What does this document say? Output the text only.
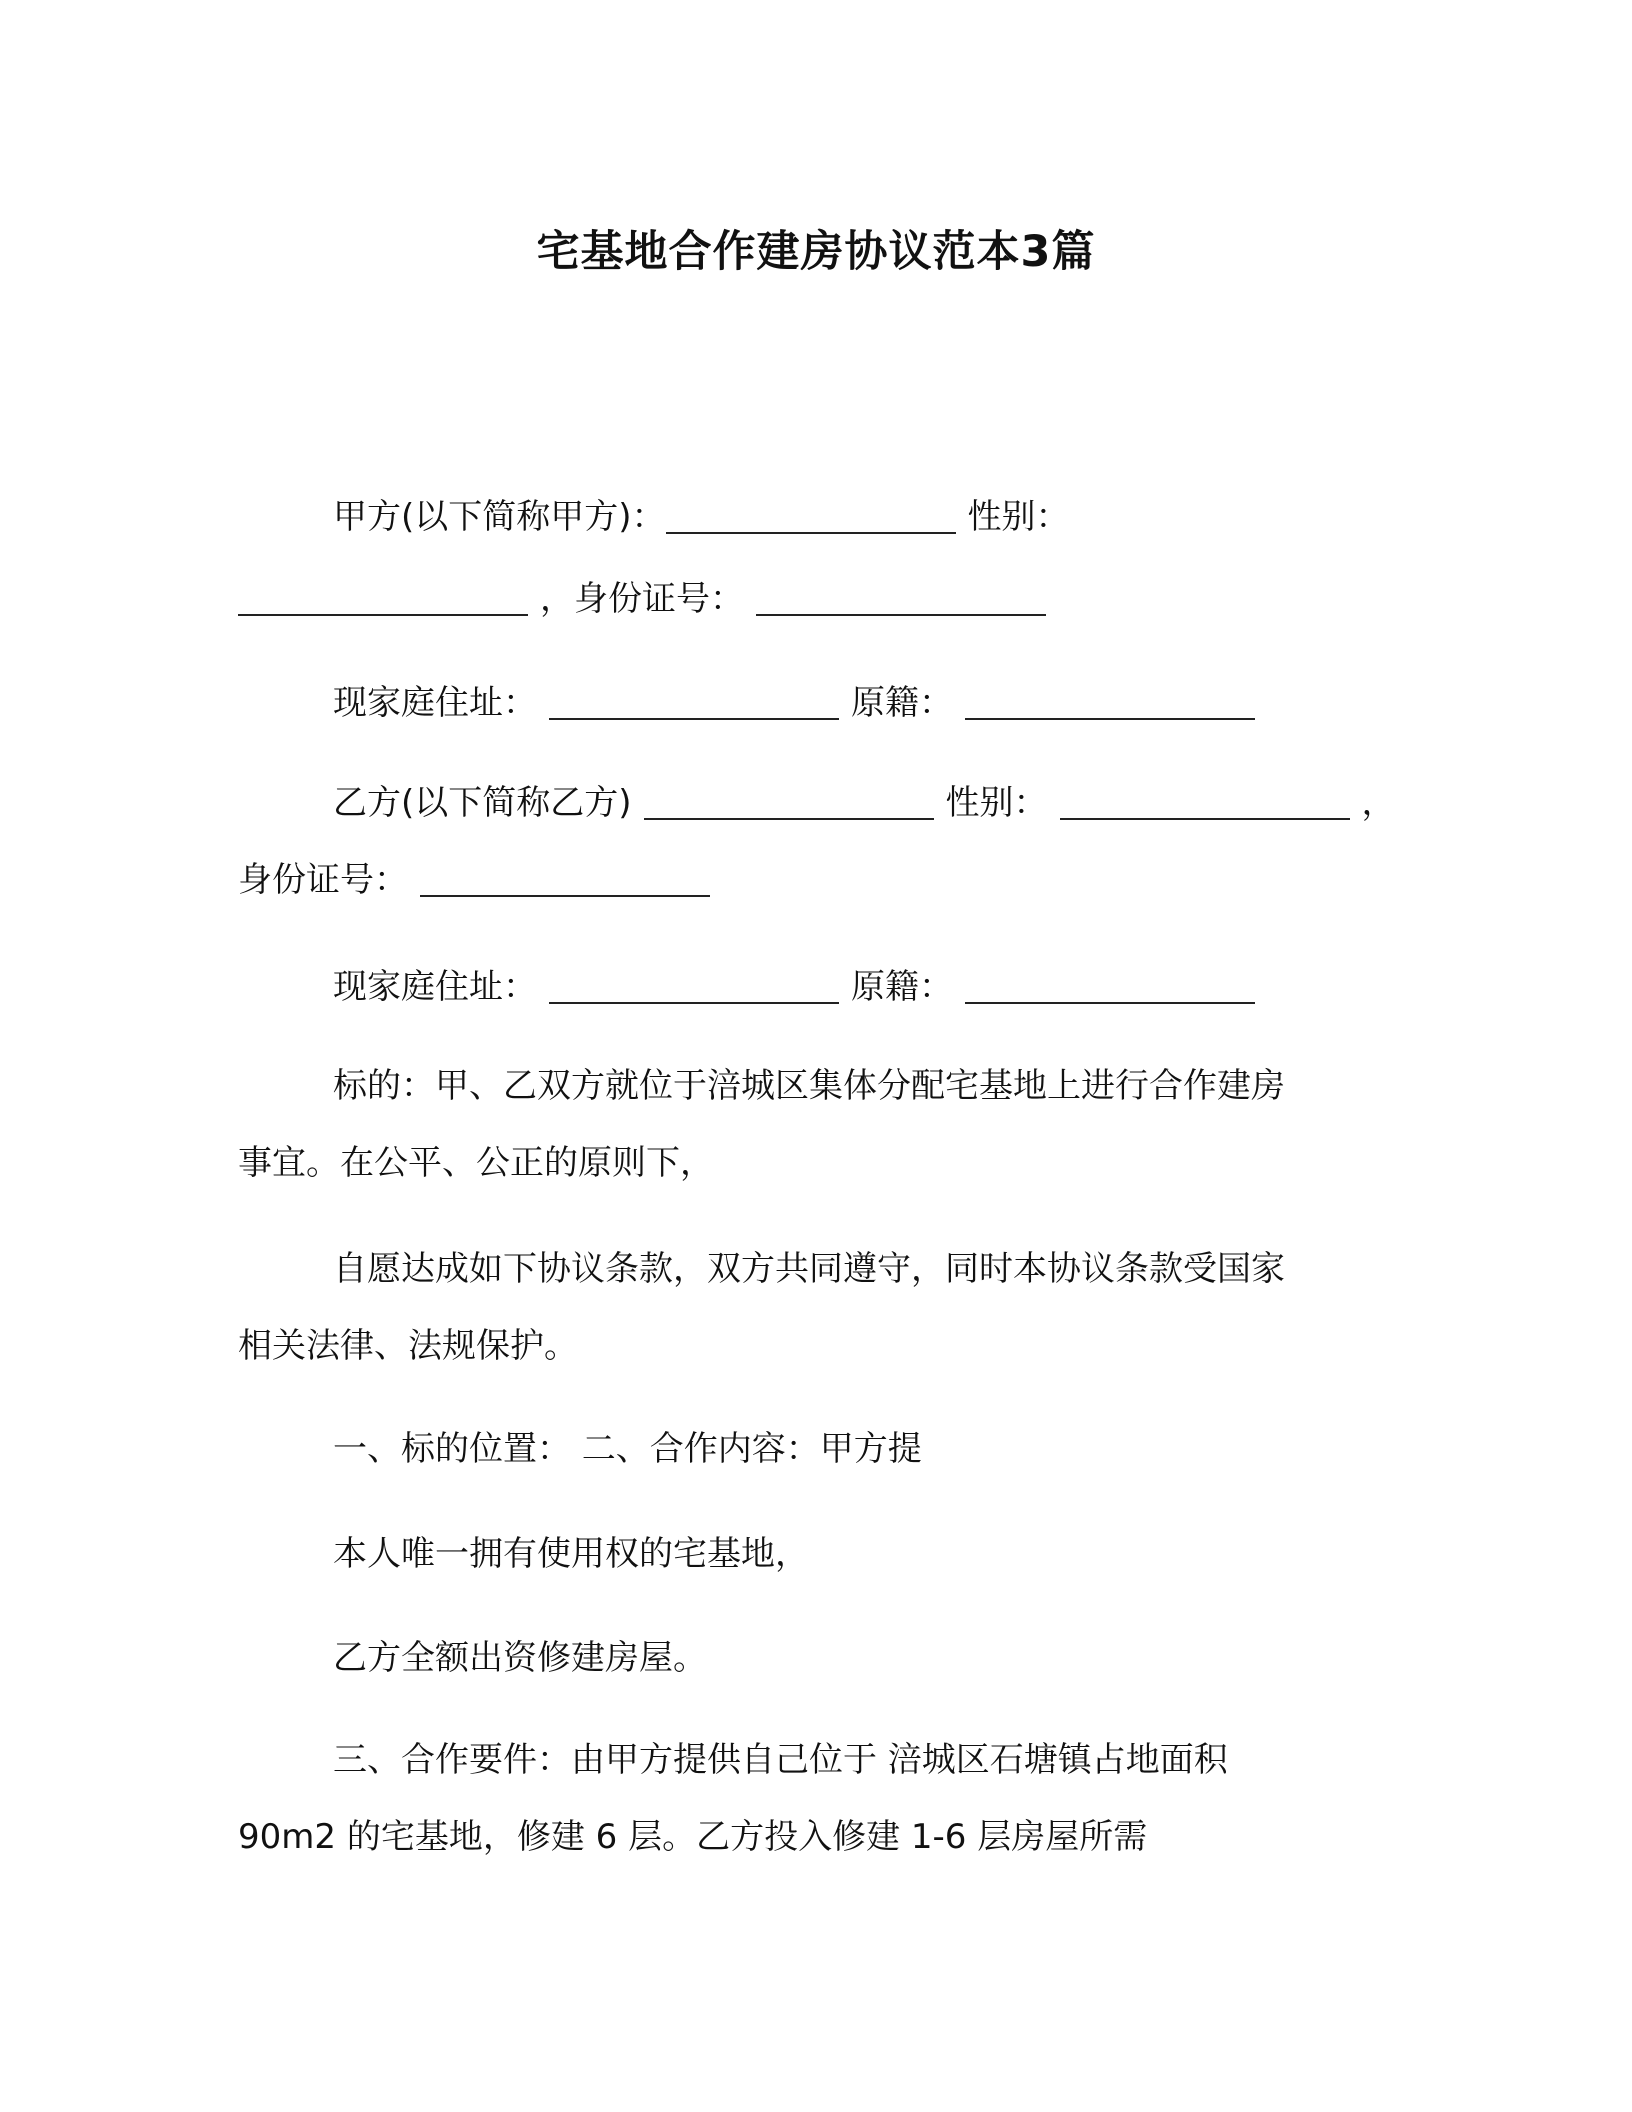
宅基地合作建房协议范本3篇
甲方(以下简称甲方)：	性别：
，身份证号：
现家庭住址：	原籍：
乙方(以下简称乙方)	性别：	，
身份证号：
现家庭住址：	原籍：
标的：甲、乙双方就位于涪城区集体分配宅基地上进行合作建房
事宜。在公平、公正的原则下，
自愿达成如下协议条款，双方共同遵守，同时本协议条款受国家
相关法律、法规保护。
一、标的位置： 二、合作内容：甲方提
本人唯一拥有使用权的宅基地，
乙方全额出资修建房屋。
三、合作要件：由甲方提供自己位于 涪城区石塘镇占地面积
90m2 的宅基地，修建 6 层。乙方投入修建 1-6 层房屋所需
